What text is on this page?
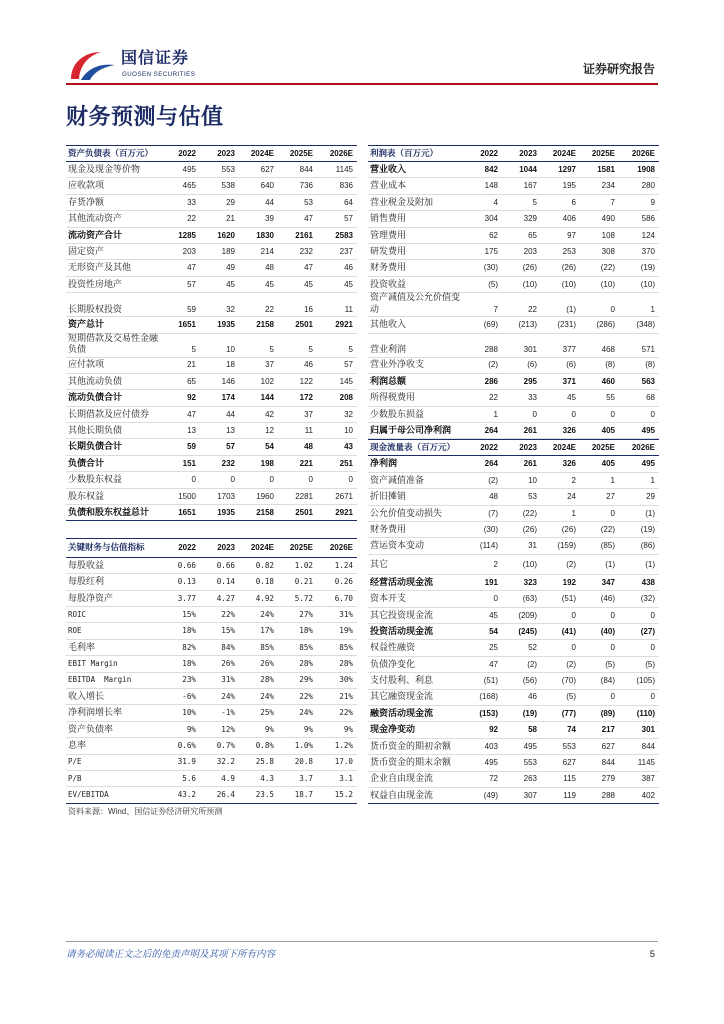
国信证券
GUOSEN SECURITIES	证券研究报告
财务预测与估值
资产负债表（百万元）	2022	2023	2024E	2025E	2026E
现金及现金等价物	495	553	627	844	1145
应收款项	465	538	640	736	836
存货净额	33	29	44	53	64
其他流动资产	22	21	39	47	57
流动资产合计	1285	1620	1830	2161	2583
固定资产	203	189	214	232	237
无形资产及其他	47	49	48	47	46
投资性房地产	57	45	45	45	45
长期股权投资	59	32	22	16	11
资产总计	1651	1935	2158	2501	2921
短期借款及交易性金融负债	5	10	5	5	5
应付款项	21	18	37	46	57
其他流动负债	65	146	102	122	145
流动负债合计	92	174	144	172	208
长期借款及应付债券	47	44	42	37	32
其他长期负债	13	13	12	11	10
长期负债合计	59	57	54	48	43
负债合计	151	232	198	221	251
少数股东权益	0	0	0	0	0
股东权益	1500	1703	1960	2281	2671
负债和股东权益总计	1651	1935	2158	2501	2921
关键财务与估值指标	2022	2023	2024E	2025E	2026E
每股收益	0.66	0.66	0.82	1.02	1.24
每股红利	0.13	0.14	0.18	0.21	0.26
每股净资产	3.77	4.27	4.92	5.72	6.70
ROIC	15%	22%	24%	27%	31%
ROE	18%	15%	17%	18%	19%
毛利率	82%	84%	85%	85%	85%
EBIT Margin	18%	26%	26%	28%	28%
EBITDA  Margin	23%	31%	28%	29%	30%
收入增长	-6%	24%	24%	22%	21%
净利润增长率	10%	-1%	25%	24%	22%
资产负债率	9%	12%	9%	9%	9%
息率	0.6%	0.7%	0.8%	1.0%	1.2%
P/E	31.9	32.2	25.8	20.8	17.0
P/B	5.6	4.9	4.3	3.7	3.1
EV/EBITDA	43.2	26.4	23.5	18.7	15.2
利润表（百万元）	2022	2023	2024E	2025E	2026E
营业收入	842	1044	1297	1581	1908
营业成本	148	167	195	234	280
营业税金及附加	4	5	6	7	9
销售费用	304	329	406	490	586
管理费用	62	65	97	108	124
研发费用	175	203	253	308	370
财务费用	(30)	(26)	(26)	(22)	(19)
投资收益	(5)	(10)	(10)	(10)	(10)
资产减值及公允价值变动	7	22	(1)	0	1
其他收入	(69)	(213)	(231)	(286)	(348)
营业利润	288	301	377	468	571
营业外净收支	(2)	(6)	(6)	(8)	(8)
利润总额	286	295	371	460	563
所得税费用	22	33	45	55	68
少数股东损益	1	0	0	0	0
归属于母公司净利润	264	261	326	405	495
现金流量表（百万元）	2022	2023	2024E	2025E	2026E
净利润	264	261	326	405	495
资产减值准备	(2)	10	2	1	1
折旧摊销	48	53	24	27	29
公允价值变动损失	(7)	(22)	1	0	(1)
财务费用	(30)	(26)	(26)	(22)	(19)
营运资本变动	(114)	31	(159)	(85)	(86)
其它	2	(10)	(2)	(1)	(1)
经营活动现金流	191	323	192	347	438
资本开支	0	(63)	(51)	(46)	(32)
其它投资现金流	45	(209)	0	0	0
投资活动现金流	54	(245)	(41)	(40)	(27)
权益性融资	25	52	0	0	0
负债净变化	47	(2)	(2)	(5)	(5)
支付股利、利息	(51)	(56)	(70)	(84)	(105)
其它融资现金流	(168)	46	(5)	0	0
融资活动现金流	(153)	(19)	(77)	(89)	(110)
现金净变动	92	58	74	217	301
货币资金的期初余额	403	495	553	627	844
货币资金的期末余额	495	553	627	844	1145
企业自由现金流	72	263	115	279	387
权益自由现金流	(49)	307	119	288	402
资料来源：Wind、国信证券经济研究所预测
请务必阅读正文之后的免责声明及其项下所有内容	5
